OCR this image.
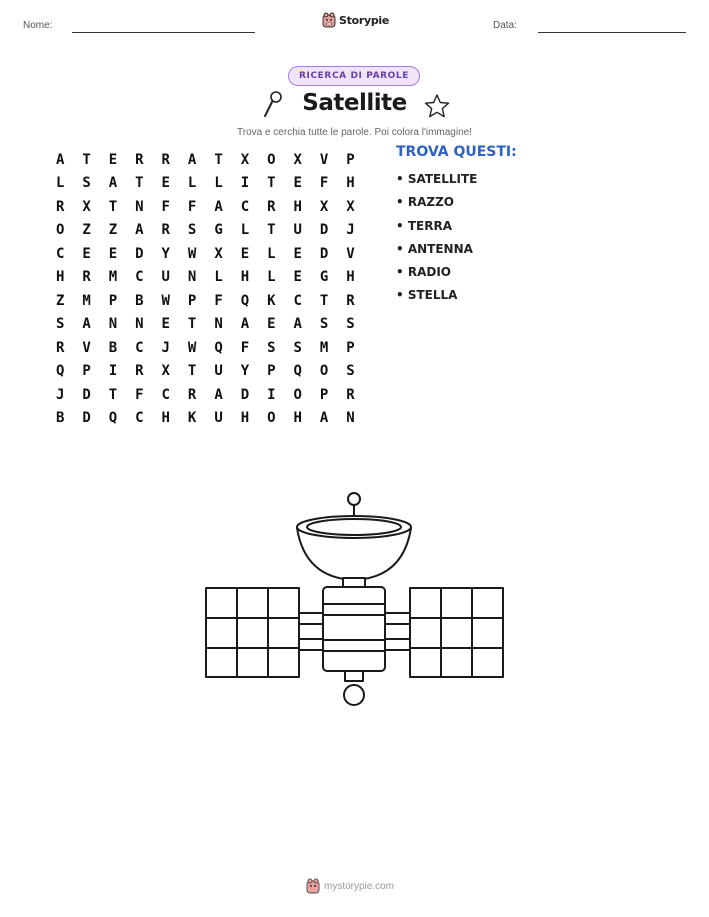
Nome:	Storypie	Data:
RICERCA DI PAROLE
Satellite
Trova e cerchia tutte le parole. Poi colora l'immagine!
A	T	E	R	R	A	T	X	O	X	V	P
L	S	A	T	E	L	L	I	T	E	F	H
R	X	T	N	F	F	A	C	R	H	X	X
O	Z	Z	A	R	S	G	L	T	U	D	J
C	E	E	D	Y	W	X	E	L	E	D	V
H	R	M	C	U	N	L	H	L	E	G	H
Z	M	P	B	W	P	F	Q	K	C	T	R
S	A	N	N	E	T	N	A	E	A	S	S
R	V	B	C	J	W	Q	F	S	S	M	P
Q	P	I	R	X	T	U	Y	P	Q	O	S
J	D	T	F	C	R	A	D	I	O	P	R
B	D	Q	C	H	K	U	H	O	H	A	N
TROVA QUESTI:
• SATELLITE
• RAZZO
• TERRA
• ANTENNA
• RADIO
• STELLA
mystorypie.com
